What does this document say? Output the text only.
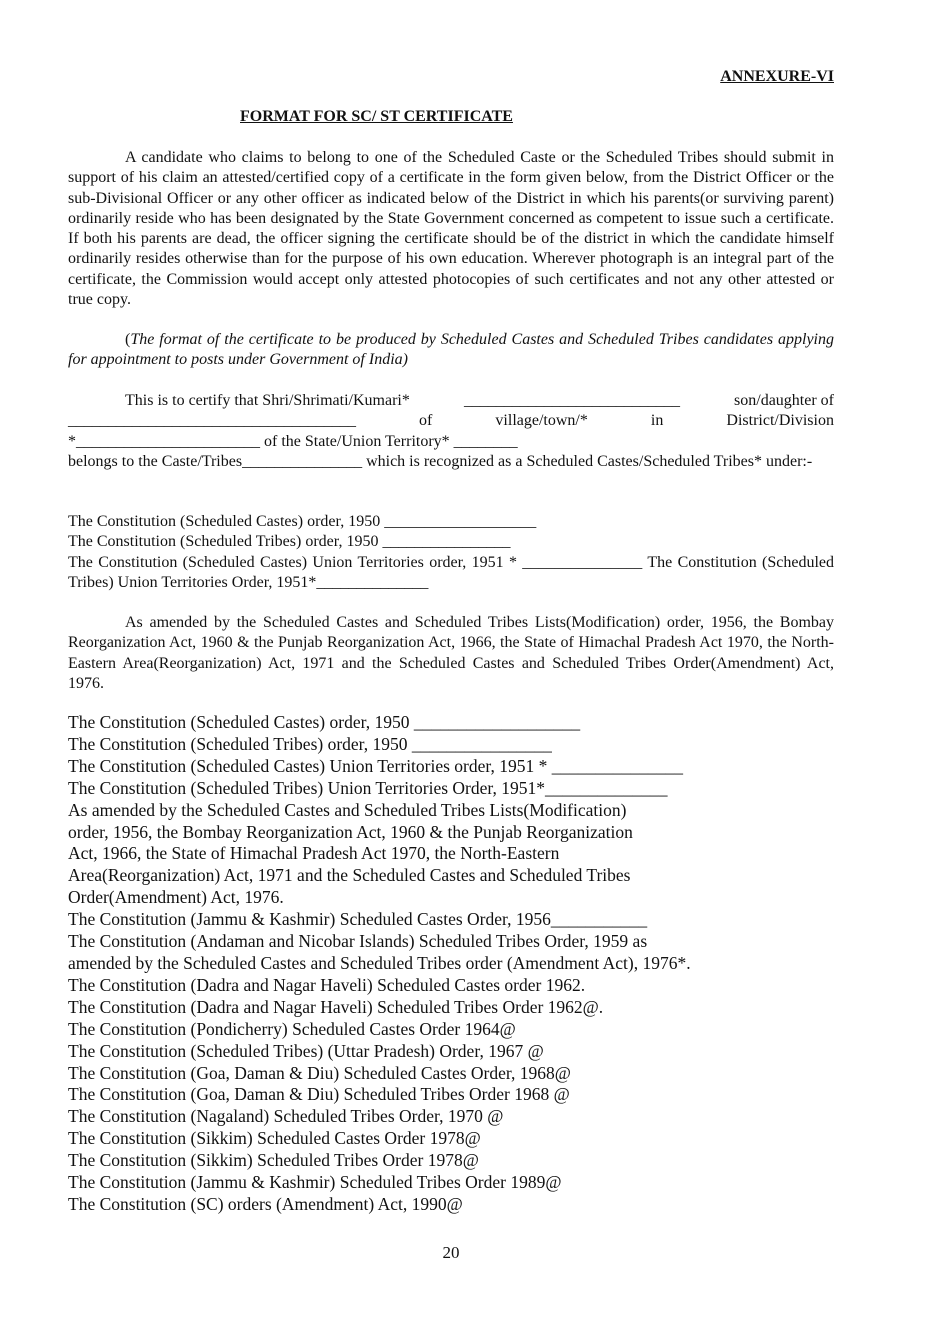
ANNEXURE-VI
FORMAT FOR SC/ ST CERTIFICATE

A candidate who claims to belong to one of the Scheduled Caste or the Scheduled Tribes should submit in support of his claim an attested/certified copy of a certificate in the form given below, from the District Officer or the sub-Divisional Officer or any other officer as indicated below of the District in which his parents(or surviving parent) ordinarily reside who has been designated by the State Government concerned as competent to issue such a certificate. If both his parents are dead, the officer signing the certificate should be of the district in which the candidate himself ordinarily resides otherwise than for the purpose of his own education. Wherever photograph is an integral part of the certificate, the Commission would accept only attested photocopies of such certificates and not any other attested or true copy.

(The format of the certificate to be produced by Scheduled Castes and Scheduled Tribes candidates applying for appointment to posts under Government of India)

This is to certify that Shri/Shrimati/Kumari*	___________________________	son/daughter of
____________________________________	of	village/town/*	in	District/Division
*_______________________ of the State/Union Territory* ________
belongs to the Caste/Tribes_______________ which is recognized as a Scheduled Castes/Scheduled Tribes* under:-
The Constitution (Scheduled Castes) order, 1950 ___________________
The Constitution (Scheduled Tribes) order, 1950 ________________
The Constitution (Scheduled Castes) Union Territories order, 1951 * _______________ The Constitution (Scheduled Tribes) Union Territories Order, 1951*______________

As amended by the Scheduled Castes and Scheduled Tribes Lists(Modification) order, 1956, the Bombay Reorganization Act, 1960 & the Punjab Reorganization Act, 1966, the State of Himachal Pradesh Act 1970, the North-Eastern Area(Reorganization) Act, 1971 and the Scheduled Castes and Scheduled Tribes Order(Amendment) Act, 1976.

The Constitution (Scheduled Castes) order, 1950 ___________________
The Constitution (Scheduled Tribes) order, 1950 ________________
The Constitution (Scheduled Castes) Union Territories order, 1951 * _______________
The Constitution (Scheduled Tribes) Union Territories Order, 1951*______________
As amended by the Scheduled Castes and Scheduled Tribes Lists(Modification)
order, 1956, the Bombay Reorganization Act, 1960 & the Punjab Reorganization
Act, 1966, the State of Himachal Pradesh Act 1970, the North-Eastern
Area(Reorganization) Act, 1971 and the Scheduled Castes and Scheduled Tribes
Order(Amendment) Act, 1976.
The Constitution (Jammu & Kashmir) Scheduled Castes Order, 1956___________
The Constitution (Andaman and Nicobar Islands) Scheduled Tribes Order, 1959 as
amended by the Scheduled Castes and Scheduled Tribes order (Amendment Act), 1976*.
The Constitution (Dadra and Nagar Haveli) Scheduled Castes order 1962.
The Constitution (Dadra and Nagar Haveli) Scheduled Tribes Order 1962@.
The Constitution (Pondicherry) Scheduled Castes Order 1964@
The Constitution (Scheduled Tribes) (Uttar Pradesh) Order, 1967 @
The Constitution (Goa, Daman & Diu) Scheduled Castes Order, 1968@
The Constitution (Goa, Daman & Diu) Scheduled Tribes Order 1968 @
The Constitution (Nagaland) Scheduled Tribes Order, 1970 @
The Constitution (Sikkim) Scheduled Castes Order 1978@
The Constitution (Sikkim) Scheduled Tribes Order 1978@
The Constitution (Jammu & Kashmir) Scheduled Tribes Order 1989@
The Constitution (SC) orders (Amendment) Act, 1990@
20
